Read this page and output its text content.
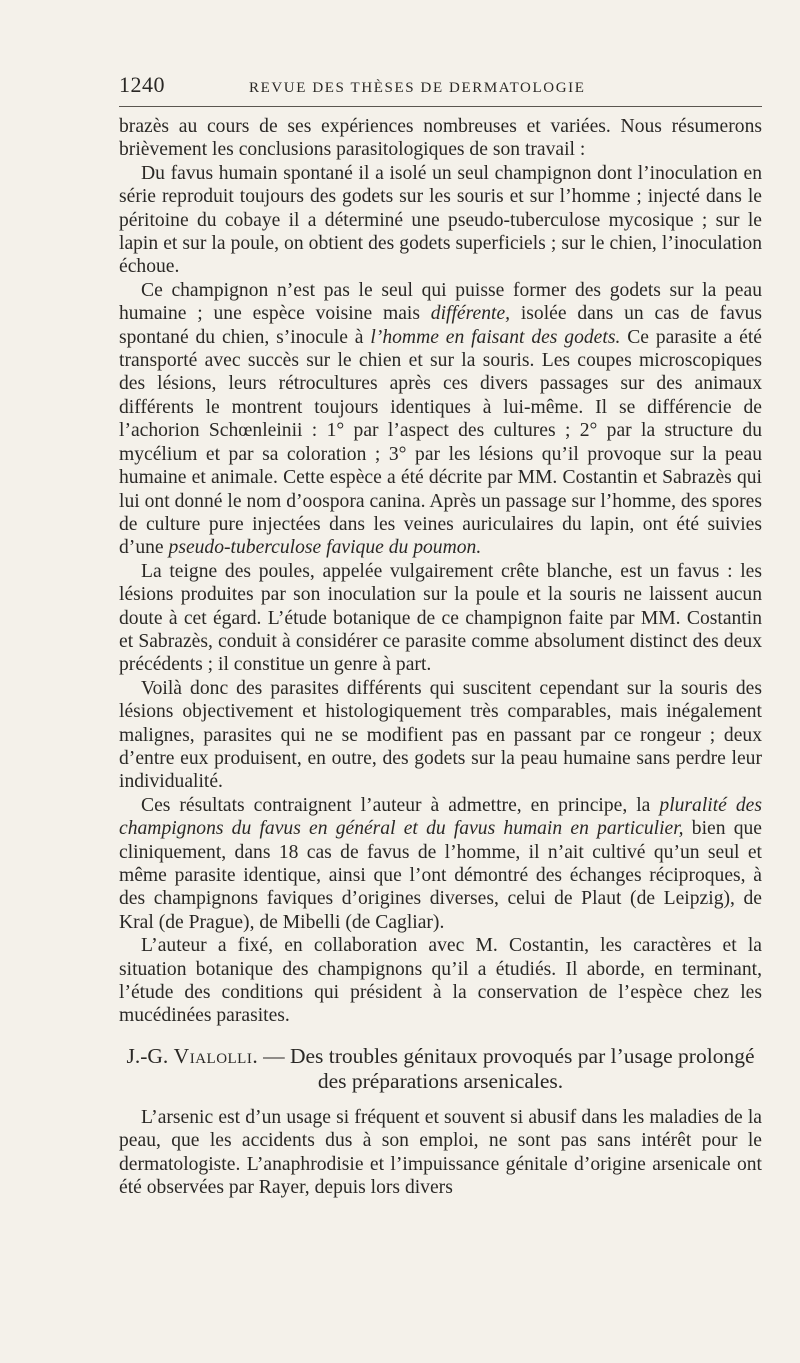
1240	REVUE DES THÈSES DE DERMATOLOGIE

brazès au cours de ses expériences nombreuses et variées. Nous résumerons brièvement les conclusions parasitologiques de son travail :

Du favus humain spontané il a isolé un seul champignon dont l’inoculation en série reproduit toujours des godets sur les souris et sur l’homme ; injecté dans le péritoine du cobaye il a déterminé une pseudo-tuberculose mycosique ; sur le lapin et sur la poule, on obtient des godets superficiels ; sur le chien, l’inoculation échoue.

Ce champignon n’est pas le seul qui puisse former des godets sur la peau humaine ; une espèce voisine mais différente, isolée dans un cas de favus spontané du chien, s’inocule à l’homme en faisant des godets. Ce parasite a été transporté avec succès sur le chien et sur la souris. Les coupes microscopiques des lésions, leurs rétrocultures après ces divers passages sur des animaux différents le montrent toujours identiques à lui-même. Il se différencie de l’achorion Schœnleinii : 1° par l’aspect des cultures ; 2° par la structure du mycélium et par sa coloration ; 3° par les lésions qu’il provoque sur la peau humaine et animale. Cette espèce a été décrite par MM. Costantin et Sabrazès qui lui ont donné le nom d’oospora canina. Après un passage sur l’homme, des spores de culture pure injectées dans les veines auriculaires du lapin, ont été suivies d’une pseudo-tuberculose favique du poumon.

La teigne des poules, appelée vulgairement crête blanche, est un favus : les lésions produites par son inoculation sur la poule et la souris ne laissent aucun doute à cet égard. L’étude botanique de ce champignon faite par MM. Costantin et Sabrazès, conduit à considérer ce parasite comme absolument distinct des deux précédents ; il constitue un genre à part.

Voilà donc des parasites différents qui suscitent cependant sur la souris des lésions objectivement et histologiquement très comparables, mais inégalement malignes, parasites qui ne se modifient pas en passant par ce rongeur ; deux d’entre eux produisent, en outre, des godets sur la peau humaine sans perdre leur individualité.

Ces résultats contraignent l’auteur à admettre, en principe, la pluralité des champignons du favus en général et du favus humain en particulier, bien que cliniquement, dans 18 cas de favus de l’homme, il n’ait cultivé qu’un seul et même parasite identique, ainsi que l’ont démontré des échanges réciproques, à des champignons faviques d’origines diverses, celui de Plaut (de Leipzig), de Kral (de Prague), de Mibelli (de Cagliar).

L’auteur a fixé, en collaboration avec M. Costantin, les caractères et la situation botanique des champignons qu’il a étudiés. Il aborde, en terminant, l’étude des conditions qui président à la conservation de l’espèce chez les mucédinées parasites.

J.-G. Vialolli. — Des troubles génitaux provoqués par l’usage prolongé des préparations arsenicales.

L’arsenic est d’un usage si fréquent et souvent si abusif dans les maladies de la peau, que les accidents dus à son emploi, ne sont pas sans intérêt pour le dermatologiste. L’anaphrodisie et l’impuissance génitale d’origine arsenicale ont été observées par Rayer, depuis lors divers
